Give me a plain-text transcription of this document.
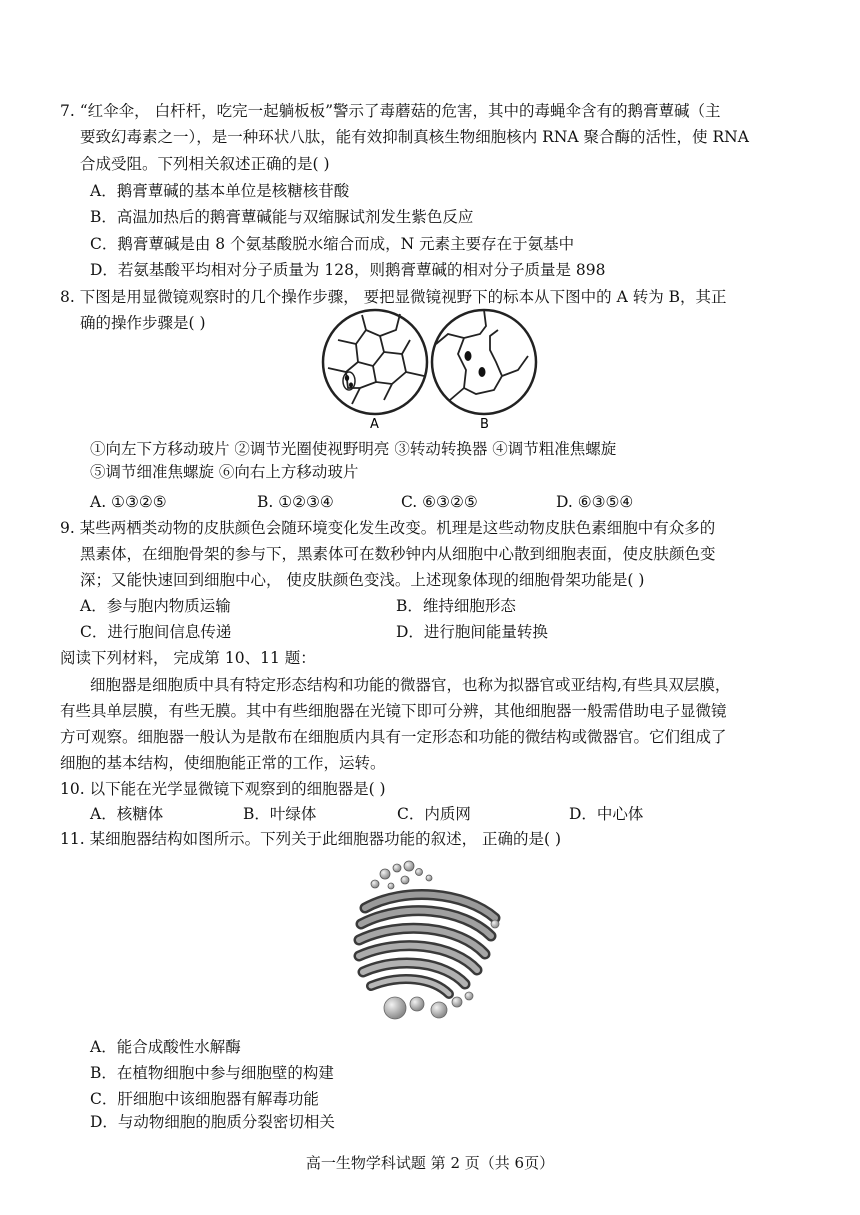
7. “红伞伞， 白杆杆，吃完一起躺板板”警示了毒蘑菇的危害，其中的毒蝇伞含有的鹅膏蕈碱（主
要致幻毒素之一），是一种环状八肽，能有效抑制真核生物细胞核内 RNA 聚合酶的活性，使 RNA
合成受阻。下列相关叙述正确的是( )
A．鹅膏蕈碱的基本单位是核糖核苷酸
B．高温加热后的鹅膏蕈碱能与双缩脲试剂发生紫色反应
C．鹅膏蕈碱是由 8 个氨基酸脱水缩合而成，N 元素主要存在于氨基中
D．若氨基酸平均相对分子质量为 128，则鹅膏蕈碱的相对分子质量是 898
8. 下图是用显微镜观察时的几个操作步骤， 要把显微镜视野下的标本从下图中的 A 转为 B，其正
确的操作步骤是( )
A	B
①向左下方移动玻片 ②调节光圈使视野明亮 ③转动转换器 ④调节粗准焦螺旋
⑤调节细准焦螺旋 ⑥向右上方移动玻片
A. ①③②⑤	B. ①②③④	C. ⑥③②⑤	D. ⑥③⑤④
9. 某些两栖类动物的皮肤颜色会随环境变化发生改变。机理是这些动物皮肤色素细胞中有众多的
黑素体，在细胞骨架的参与下，黑素体可在数秒钟内从细胞中心散到细胞表面，使皮肤颜色变
深；又能快速回到细胞中心， 使皮肤颜色变浅。上述现象体现的细胞骨架功能是( )
A．参与胞内物质运输	B．维持细胞形态
C．进行胞间信息传递	D．进行胞间能量转换
阅读下列材料， 完成第 10、11 题：
细胞器是细胞质中具有特定形态结构和功能的微器官，也称为拟器官或亚结构,有些具双层膜，
有些具单层膜，有些无膜。其中有些细胞器在光镜下即可分辨，其他细胞器一般需借助电子显微镜
方可观察。细胞器一般认为是散布在细胞质内具有一定形态和功能的微结构或微器官。它们组成了
细胞的基本结构，使细胞能正常的工作，运转。
10. 以下能在光学显微镜下观察到的细胞器是( )
A．核糖体	B．叶绿体	C．内质网	D．中心体
11. 某细胞器结构如图所示。下列关于此细胞器功能的叙述， 正确的是( )
A．能合成酸性水解酶
B．在植物细胞中参与细胞壁的构建
C．肝细胞中该细胞器有解毒功能
D．与动物细胞的胞质分裂密切相关
高一生物学科试题 第 2 页（共 6页）
